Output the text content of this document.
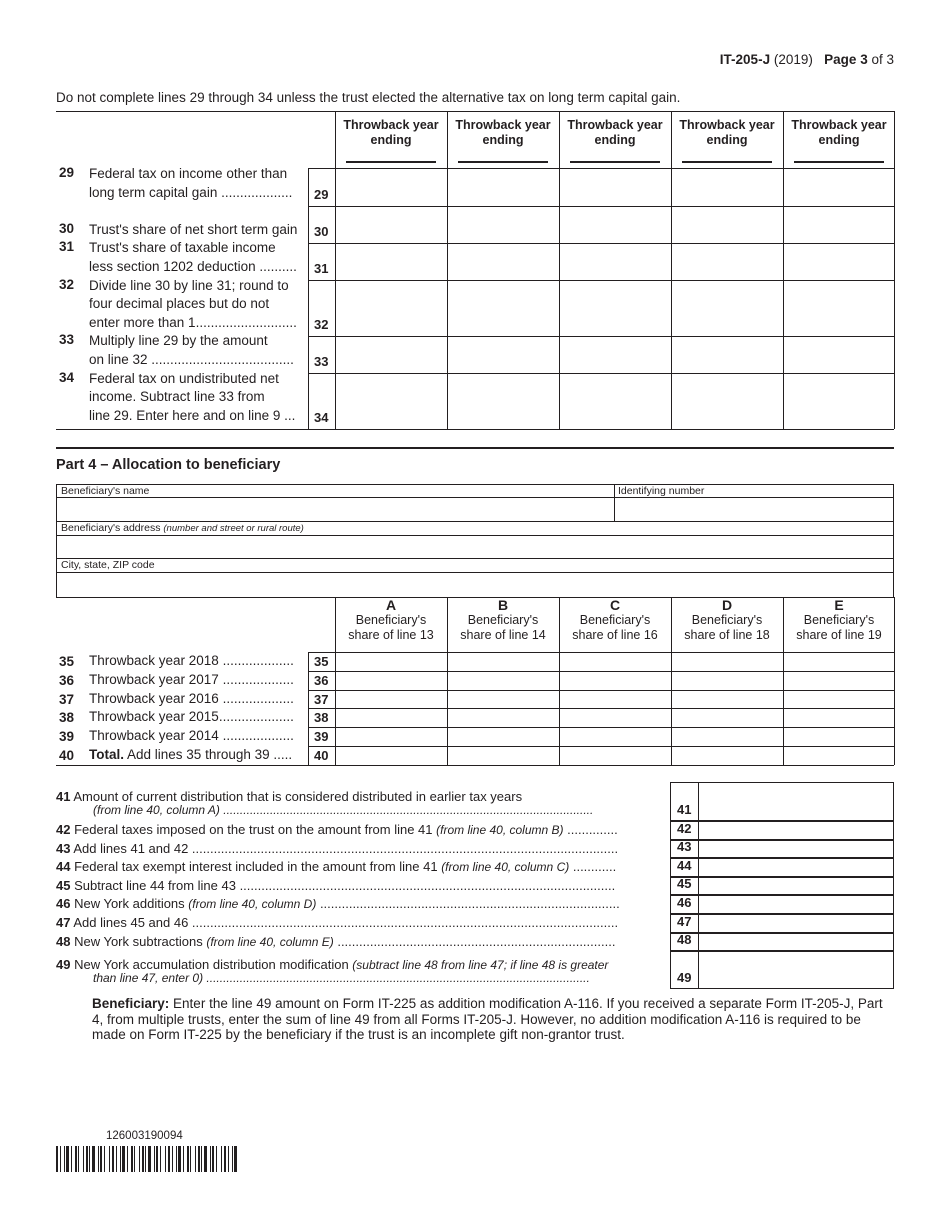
IT-205-J (2019) Page 3 of 3
Do not complete lines 29 through 34 unless the trust elected the alternative tax on long term capital gain.
Part 4 – Allocation to beneficiary
Beneficiary: Enter the line 49 amount on Form IT-225 as addition modification A-116. If you received a separate Form IT-205-J, Part 4, from multiple trusts, enter the sum of line 49 from all Forms IT-205-J. However, no addition modification A-116 is required to be made on Form IT-225 by the beneficiary if the trust is an incomplete gift non-grantor trust.
126003190094
Throwback year ending
Throwback year ending
Throwback year ending
Throwback year ending
Throwback year ending
29 Federal tax on income other than
long term capital gain ................... 29
30 Trust's share of net short term gain 30
31 Trust's share of taxable income
less section 1202 deduction .......... 31
32 Divide line 30 by line 31; round to
four decimal places but do not
enter more than 1........................... 32
33 Multiply line 29 by the amount
on line 32 ...................................... 33
34 Federal tax on undistributed net
income. Subtract line 33 from
line 29. Enter here and on line 9 ... 34
Beneficiary's name	Identifying number
Beneficiary's address (number and street or rural route)
City, state, ZIP code
A
Beneficiary's
share of line 13
B
Beneficiary's
share of line 14
C
Beneficiary's
share of line 16
D
Beneficiary's
share of line 18
E
Beneficiary's
share of line 19
35 Throwback year 2018 ................... 35
36 Throwback year 2017 ................... 36
37 Throwback year 2016 ................... 37
38 Throwback year 2015.................... 38
39 Throwback year 2014 ................... 39
40 Total. Add lines 35 through 39 ..... 40
41 Amount of current distribution that is considered distributed in earlier tax years
(from line 40, column A) ...............................................................................................................	41
42 Federal taxes imposed on the trust on the amount from line 41 (from line 40, column B) ..............	42
43 Add lines 41 and 42 ......................................................................................................................	43
44 Federal tax exempt interest included in the amount from line 41 (from line 40, column C) ............	44
45 Subtract line 44 from line 43 ........................................................................................................	45
46 New York additions (from line 40, column D) ...................................................................................	46
47 Add lines 45 and 46 ......................................................................................................................	47
48 New York subtractions (from line 40, column E) .............................................................................	48
49 New York accumulation distribution modification (subtract line 48 from line 47; if line 48 is greater
than line 47, enter 0) ...................................................................................................................	49
